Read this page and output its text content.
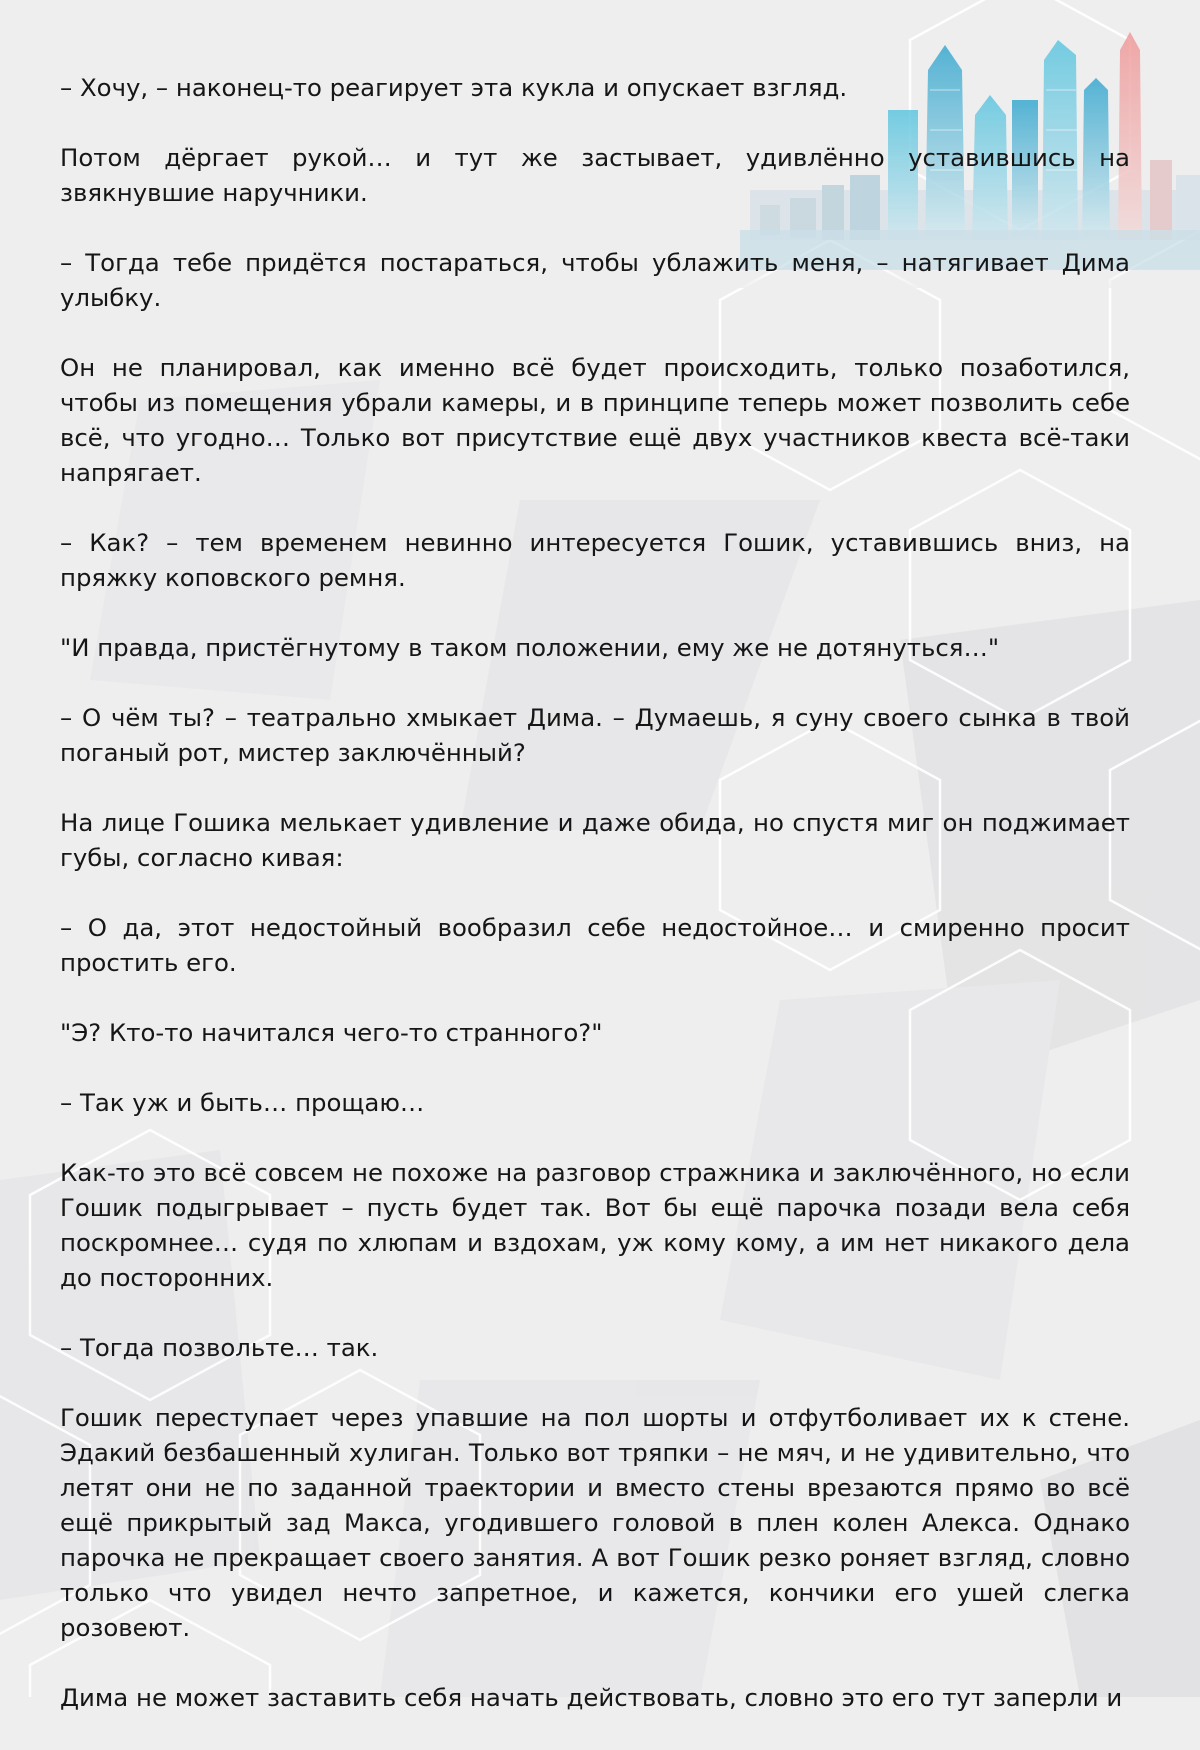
– Хочу, – наконец-то реагирует эта кукла и опускает взгляд.

Потом дёргает рукой… и тут же застывает, удивлённо уставившись на звякнувшие наручники.

– Тогда тебе придётся постараться, чтобы ублажить меня, – натягивает Дима улыбку.

Он не планировал, как именно всё будет происходить, только позаботился, чтобы из помещения убрали камеры, и в принципе теперь может позволить себе всё, что угодно… Только вот присутствие ещё двух участников квеста всё-таки напрягает.

– Как? – тем временем невинно интересуется Гошик, уставившись вниз, на пряжку коповского ремня.

"И правда, пристёгнутому в таком положении, ему же не дотянуться…"

– О чём ты? – театрально хмыкает Дима. – Думаешь, я суну своего сынка в твой поганый рот, мистер заключённый?

На лице Гошика мелькает удивление и даже обида, но спустя миг он поджимает губы, согласно кивая:

– О да, этот недостойный вообразил себе недостойное… и смиренно просит простить его.

"Э? Кто-то начитался чего-то странного?"

– Так уж и быть… прощаю…

Как-то это всё совсем не похоже на разговор стражника и заключённого, но если Гошик подыгрывает – пусть будет так. Вот бы ещё парочка позади вела себя поскромнее… судя по хлюпам и вздохам, уж кому кому, а им нет никакого дела до посторонних.

– Тогда позвольте… так.

Гошик переступает через упавшие на пол шорты и отфутболивает их к стене. Эдакий безбашенный хулиган. Только вот тряпки – не мяч, и не удивительно, что летят они не по заданной траектории и вместо стены врезаются прямо во всё ещё прикрытый зад Макса, угодившего головой в плен колен Алекса. Однако парочка не прекращает своего занятия. А вот Гошик резко роняет взгляд, словно только что увидел нечто запретное, и кажется, кончики его ушей слегка розовеют.

Дима не может заставить себя начать действовать, словно это его тут заперли и
